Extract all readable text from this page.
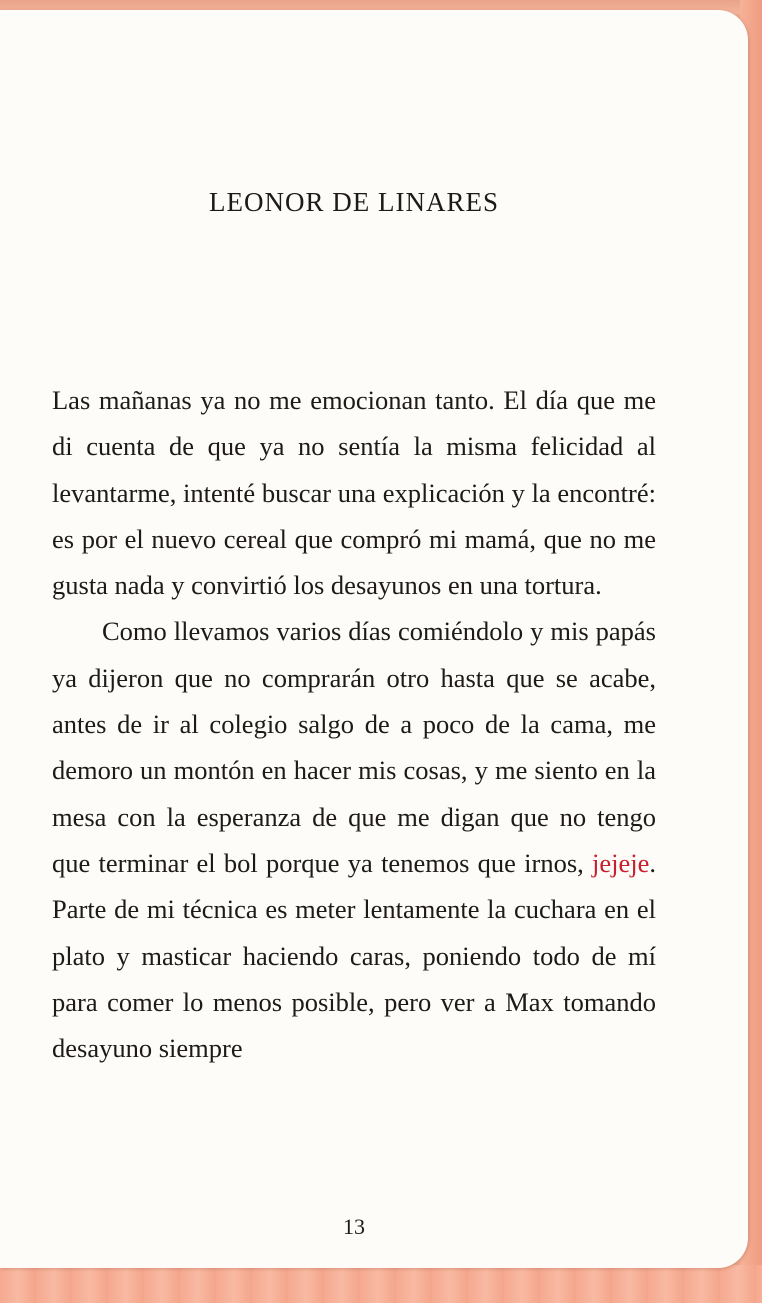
LEONOR DE LINARES

Las mañanas ya no me emocionan tanto. El día que me di cuenta de que ya no sentía la misma felicidad al levantarme, intenté buscar una explicación y la encontré: es por el nuevo cereal que compró mi mamá, que no me gusta nada y convirtió los desayunos en una tortura.

Como llevamos varios días comiéndolo y mis papás ya dijeron que no comprarán otro hasta que se acabe, antes de ir al colegio salgo de a poco de la cama, me demoro un montón en hacer mis cosas, y me siento en la mesa con la esperanza de que me digan que no tengo que terminar el bol porque ya tenemos que irnos, jejeje. Parte de mi técnica es meter lentamente la cuchara en el plato y masticar haciendo caras, poniendo todo de mí para comer lo menos posible, pero ver a Max tomando desayuno siempre

13
